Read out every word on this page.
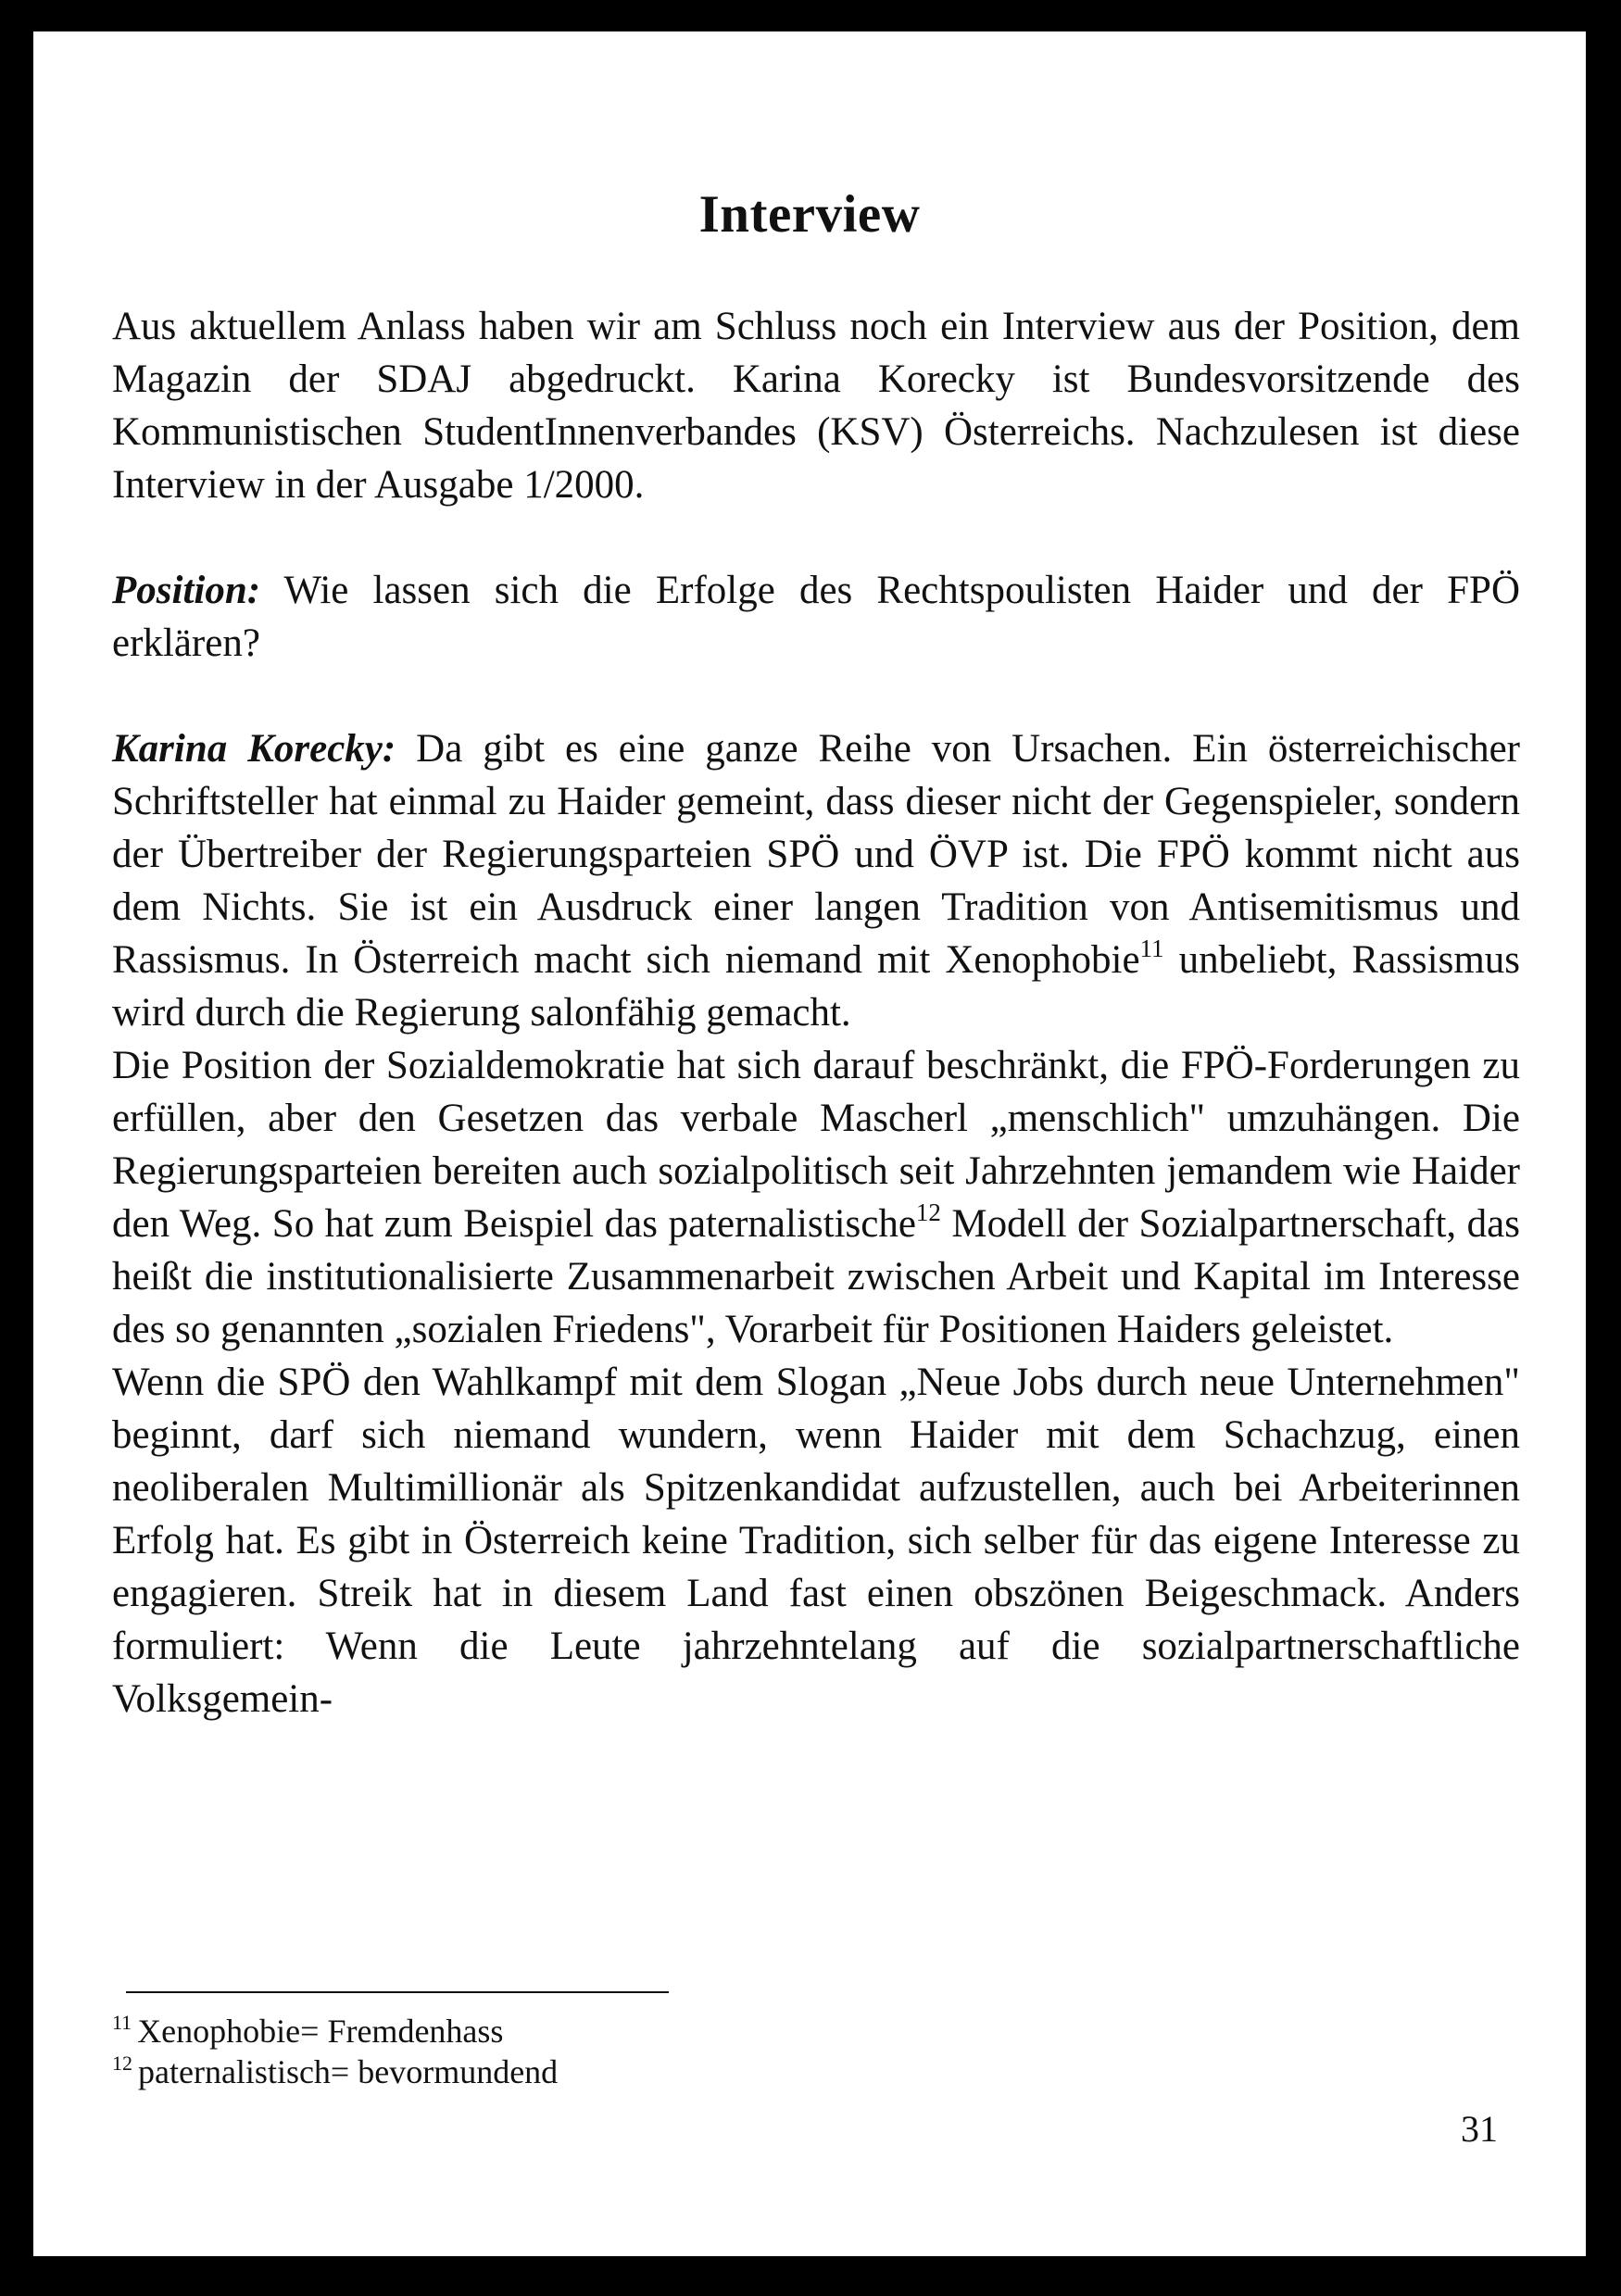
Interview

Aus aktuellem Anlass haben wir am Schluss noch ein Interview aus der Position, dem Magazin der SDAJ abgedruckt. Karina Korecky ist Bundesvorsitzende des Kommunistischen StudentInnenverbandes (KSV) Österreichs. Nachzulesen ist diese Interview in der Ausgabe 1/2000.

Position: Wie lassen sich die Erfolge des Rechtspoulisten Haider und der FPÖ erklären?

Karina Korecky: Da gibt es eine ganze Reihe von Ursachen. Ein österreichischer Schriftsteller hat einmal zu Haider gemeint, dass dieser nicht der Gegenspieler, sondern der Übertreiber der Regierungsparteien SPÖ und ÖVP ist. Die FPÖ kommt nicht aus dem Nichts. Sie ist ein Ausdruck einer langen Tradition von Antisemitismus und Rassismus. In Österreich macht sich niemand mit Xenophobie$^{11}$ unbeliebt, Rassismus wird durch die Regierung salonfähig gemacht.

Die Position der Sozialdemokratie hat sich darauf beschränkt, die FPÖ-Forderungen zu erfüllen, aber den Gesetzen das verbale Mascherl „menschlich" umzuhängen. Die Regierungsparteien bereiten auch sozialpolitisch seit Jahrzehnten jemandem wie Haider den Weg. So hat zum Beispiel das paternalistische$^{12}$ Modell der Sozialpartnerschaft, das heißt die institutionalisierte Zusammenarbeit zwischen Arbeit und Kapital im Interesse des so genannten „sozialen Friedens", Vorarbeit für Positionen Haiders geleistet.

Wenn die SPÖ den Wahlkampf mit dem Slogan „Neue Jobs durch neue Unternehmen" beginnt, darf sich niemand wundern, wenn Haider mit dem Schachzug, einen neoliberalen Multimillionär als Spitzenkandidat aufzustellen, auch bei Arbeiterinnen Erfolg hat. Es gibt in Österreich keine Tradition, sich selber für das eigene Interesse zu engagieren. Streik hat in diesem Land fast einen obszönen Beigeschmack. Anders formuliert: Wenn die Leute jahrzehntelang auf die sozialpartnerschaftliche Volksgemein-

$^{11}$ Xenophobie= Fremdenhass
$^{12}$ paternalistisch= bevormundend
31
